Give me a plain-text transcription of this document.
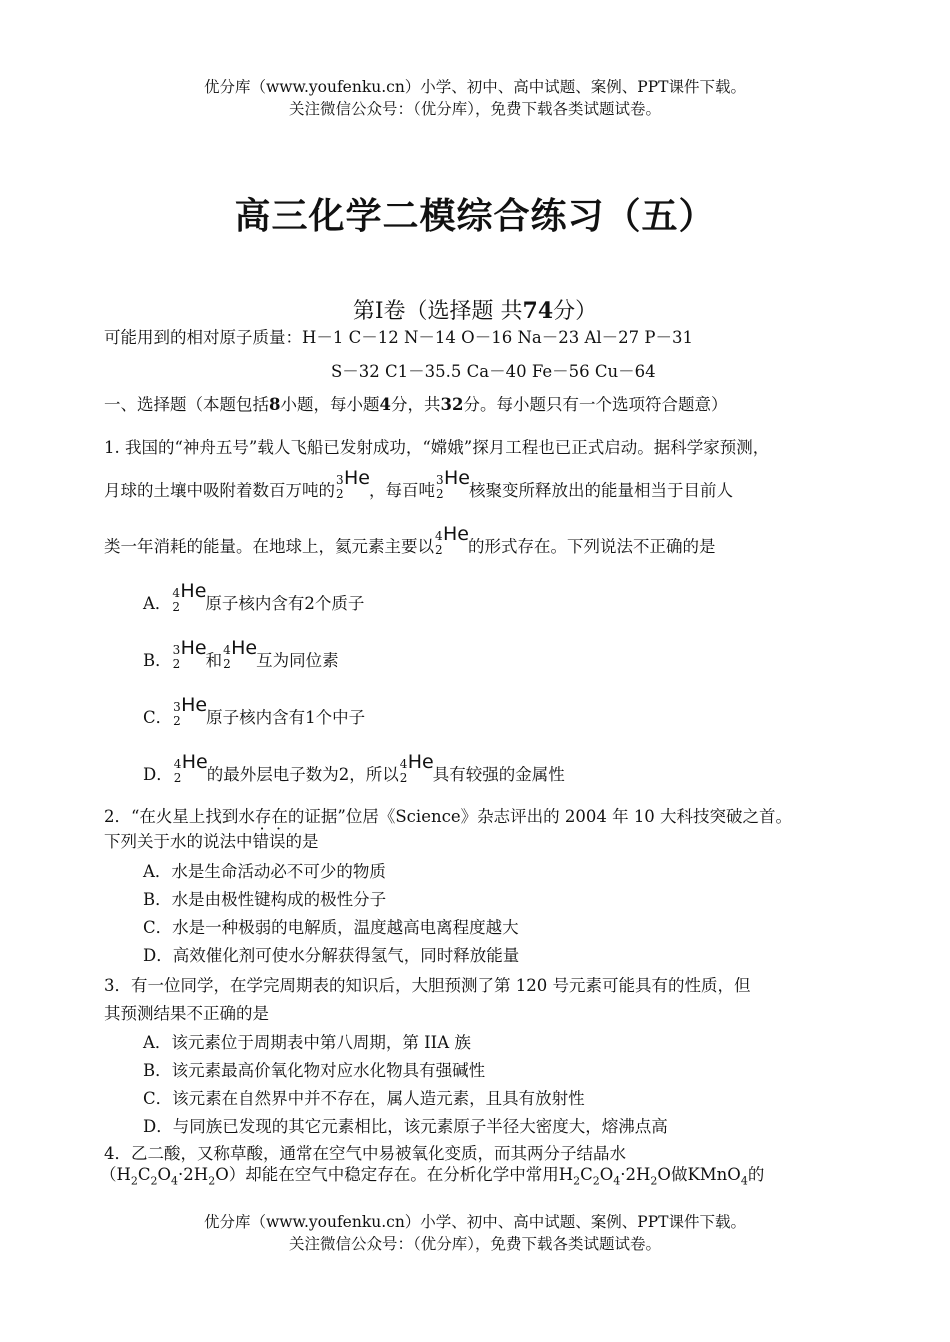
优分库（www.youfenku.cn）小学、初中、高中试题、案例、PPT课件下载。
关注微信公众号：（优分库），免费下载各类试题试卷。
高三化学二模综合练习（五）
第Ⅰ卷（选择题 共74分）
可能用到的相对原子质量：H－1 C－12 N－14 O－16 Na－23 Al－27 P－31
S－32 C1－35.5 Ca－40 Fe－56 Cu－64
一、选择题（本题包括8小题，每小题4分，共32分。每小题只有一个选项符合题意）
1. 我国的“神舟五号”载人飞船已发射成功，“嫦娥”探月工程也已正式启动。据科学家预测，
月球的土壤中吸附着数百万吨的
3
2
He
，每百吨
3
2
He
核聚变所释放出的能量相当于目前人
类一年消耗的能量。在地球上，氦元素主要以
4
2
He
的形式存在。下列说法不正确的是
A．
4
2
He
原子核内含有2个质子
B．
3
2
He
和
4
2
He
互为同位素
C．
3
2
He
原子核内含有1个中子
D．
4
2
He
的最外层电子数为2，所以
4
2
He
具有较强的金属性
2．“在火星上找到水存在的证据”位居《Science》杂志评出的 2004 年 10 大科技突破之首。
下列关于水的说法中错误的是
A．水是生命活动必不可少的物质
B．水是由极性键构成的极性分子
C．水是一种极弱的电解质，温度越高电离程度越大
D．高效催化剂可使水分解获得氢气，同时释放能量
3．有一位同学，在学完周期表的知识后，大胆预测了第 120 号元素可能具有的性质，但
其预测结果不正确的是
A．该元素位于周期表中第八周期，第 IIA 族
B．该元素最高价氧化物对应水化物具有强碱性
C．该元素在自然界中并不存在，属人造元素，且具有放射性
D．与同族已发现的其它元素相比，该元素原子半径大密度大，熔沸点高
4．乙二酸，又称草酸，通常在空气中易被氧化变质，而其两分子结晶水
$(H_2C_2O_4\cdot 2H_2O)$却能在空气中稳定存在。在分析化学中常用$H_2C_2O_4\cdot 2H_2O$做KMnO$_4$的
优分库（www.youfenku.cn）小学、初中、高中试题、案例、PPT课件下载。
关注微信公众号：（优分库），免费下载各类试题试卷。
